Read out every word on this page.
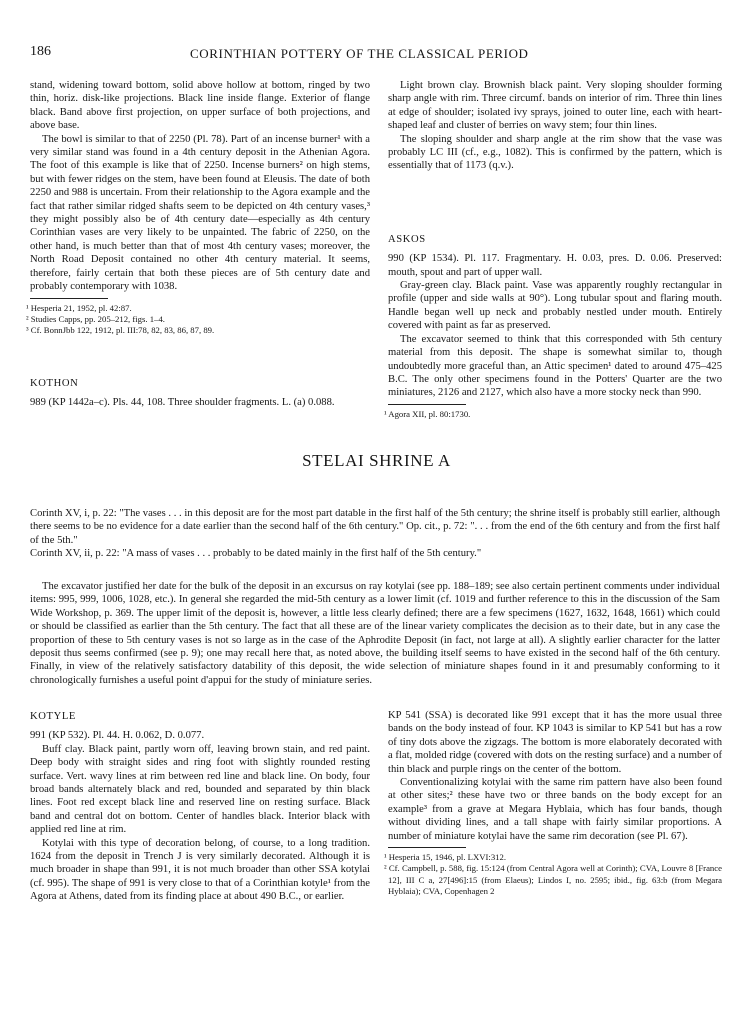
186	CORINTHIAN POTTERY OF THE CLASSICAL PERIOD

stand, widening toward bottom, solid above hollow at bottom, ringed by two thin, horiz. disk-like projections. Black line inside flange. Exterior of flange black. Band above first projection, on upper surface of both projections, and above base.

The bowl is similar to that of 2250 (Pl. 78). Part of an incense burner¹ with a very similar stand was found in a 4th century deposit in the Athenian Agora. The foot of this example is like that of 2250. Incense burners² on high stems, but with fewer ridges on the stem, have been found at Eleusis. The date of both 2250 and 988 is uncertain. From their relationship to the Agora example and the fact that rather similar ridged shafts seem to be depicted on 4th century vases,³ they might possibly also be of 4th century date—especially as 4th century Corinthian vases are very likely to be unpainted. The fabric of 2250, on the other hand, is much better than that of most 4th century vases; moreover, the North Road Deposit contained no other 4th century material. It seems, therefore, fairly certain that both these pieces are of 5th century date and probably contemporary with 1038.

¹ Hesperia 21, 1952, pl. 42:87.

² Studies Capps, pp. 205–212, figs. 1–4.

³ Cf. BonnJbb 122, 1912, pl. III:78, 82, 83, 86, 87, 89.

KOTHON

989 (KP 1442a–c). Pls. 44, 108. Three shoulder fragments. L. (a) 0.088.

Light brown clay. Brownish black paint. Very sloping shoulder forming sharp angle with rim. Three circumf. bands on interior of rim. Three thin lines at edge of shoulder; isolated ivy sprays, joined to outer line, each with heart-shaped leaf and cluster of berries on wavy stem; four thin lines.

The sloping shoulder and sharp angle at the rim show that the vase was probably LC III (cf., e.g., 1082). This is confirmed by the pattern, which is essentially that of 1173 (q.v.).

ASKOS

990 (KP 1534). Pl. 117. Fragmentary. H. 0.03, pres. D. 0.06. Preserved: mouth, spout and part of upper wall.

Gray-green clay. Black paint. Vase was apparently roughly rectangular in profile (upper and side walls at 90°). Long tubular spout and flaring mouth. Handle began well up neck and probably nestled under mouth. Entirely covered with paint as far as preserved.

The excavator seemed to think that this corresponded with 5th century material from this deposit. The shape is somewhat similar to, though undoubtedly more graceful than, an Attic specimen¹ dated to around 475–425 B.C. The only other specimens found in the Potters' Quarter are the two miniatures, 2126 and 2127, which also have a more stocky neck than 990.

¹ Agora XII, pl. 80:1730.

STELAI SHRINE A

Corinth XV, i, p. 22: "The vases . . . in this deposit are for the most part datable in the first half of the 5th century; the shrine itself is probably still earlier, although there seems to be no evidence for a date earlier than the second half of the 6th century." Op. cit., p. 72: ". . . from the end of the 6th century and from the first half of the 5th."

Corinth XV, ii, p. 22: "A mass of vases . . . probably to be dated mainly in the first half of the 5th century."

The excavator justified her date for the bulk of the deposit in an excursus on ray kotylai (see pp. 188–189; see also certain pertinent comments under individual items: 995, 999, 1006, 1028, etc.). In general she regarded the mid-5th century as a lower limit (cf. 1019 and further reference to this in the discussion of the Sam Wide Workshop, p. 369. The upper limit of the deposit is, however, a little less clearly defined; there are a few specimens (1627, 1632, 1648, 1661) which could or should be classified as earlier than the 5th century. The fact that all these are of the linear variety complicates the decision as to their date, but in any case the proportion of these to 5th century vases is not so large as in the case of the Aphrodite Deposit (in fact, not large at all). A slightly earlier character for the latter deposit thus seems confirmed (see p. 9); one may recall here that, as noted above, the building itself seems to have existed in the second half of the 6th century. Finally, in view of the relatively satisfactory datability of this deposit, the wide selection of miniature shapes found in it and presumably conforming to it chronologically furnishes a useful point d'appui for the study of miniature series.

KOTYLE

991 (KP 532). Pl. 44. H. 0.062, D. 0.077.

Buff clay. Black paint, partly worn off, leaving brown stain, and red paint. Deep body with straight sides and ring foot with slightly rounded resting surface. Vert. wavy lines at rim between red line and black line. On body, four broad bands alternately black and red, bounded and separated by thin black lines. Foot red except black line and reserved line on resting surface. Black band and central dot on bottom. Center of handles black. Interior black with applied red line at rim.

Kotylai with this type of decoration belong, of course, to a long tradition. 1624 from the deposit in Trench J is very similarly decorated. Although it is much broader in shape than 991, it is not much broader than other SSA kotylai (cf. 995). The shape of 991 is very close to that of a Corinthian kotyle¹ from the Agora at Athens, dated from its finding place at about 490 B.C., or earlier.

KP 541 (SSA) is decorated like 991 except that it has the more usual three bands on the body instead of four. KP 1043 is similar to KP 541 but has a row of tiny dots above the zigzags. The bottom is more elaborately decorated with a flat, molded ridge (covered with dots on the resting surface) and a number of thin black and purple rings on the center of the bottom.

Conventionalizing kotylai with the same rim pattern have also been found at other sites;² these have two or three bands on the body except for an example³ from a grave at Megara Hyblaia, which has four bands, though without dividing lines, and a tall shape with fairly similar proportions. A number of miniature kotylai have the same rim decoration (see Pl. 67).

¹ Hesperia 15, 1946, pl. LXVI:312.

² Cf. Campbell, p. 588, fig. 15:124 (from Central Agora well at Corinth); CVA, Louvre 8 [France 12], III C a, 27[496]:15 (from Elaeus); Lindos I, no. 2595; ibid., fig. 63:b (from Megara Hyblaia); CVA, Copenhagen 2
